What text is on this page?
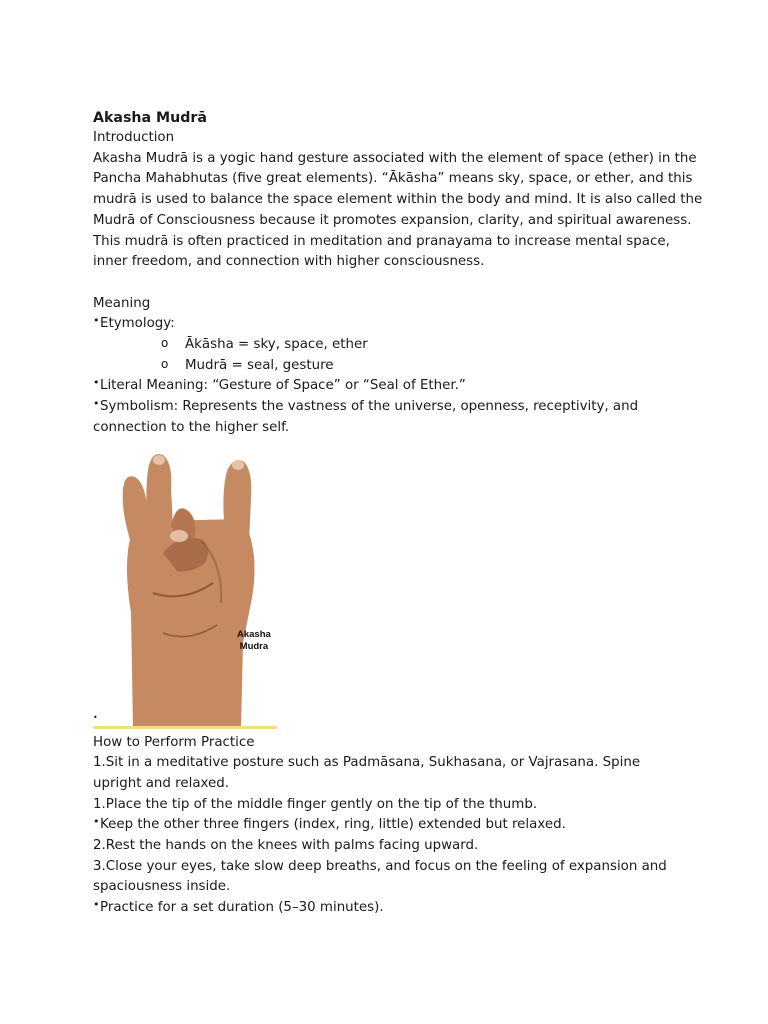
Akasha Mudrā

Introduction

Akasha Mudrā is a yogic hand gesture associated with the element of space (ether) in the

Pancha Mahabhutas (five great elements). “Ākāsha” means sky, space, or ether, and this

mudrā is used to balance the space element within the body and mind. It is also called the

Mudrā of Consciousness because it promotes expansion, clarity, and spiritual awareness.

This mudrā is often practiced in meditation and pranayama to increase mental space,

inner freedom, and connection with higher consciousness.

Meaning

• Etymology:

o Ākāsha = sky, space, ether

o Mudrā = seal, gesture

• Literal Meaning: “Gesture of Space” or “Seal of Ether.”

• Symbolism: Represents the vastness of the universe, openness, receptivity, and

connection to the higher self.

Akasha
Mudra
•

How to Perform Practice

1.Sit in a meditative posture such as Padmāsana, Sukhasana, or Vajrasana. Spine

upright and relaxed.

1.Place the tip of the middle finger gently on the tip of the thumb.

• Keep the other three fingers (index, ring, little) extended but relaxed.

2.Rest the hands on the knees with palms facing upward.

3.Close your eyes, take slow deep breaths, and focus on the feeling of expansion and

spaciousness inside.

• Practice for a set duration (5–30 minutes).
